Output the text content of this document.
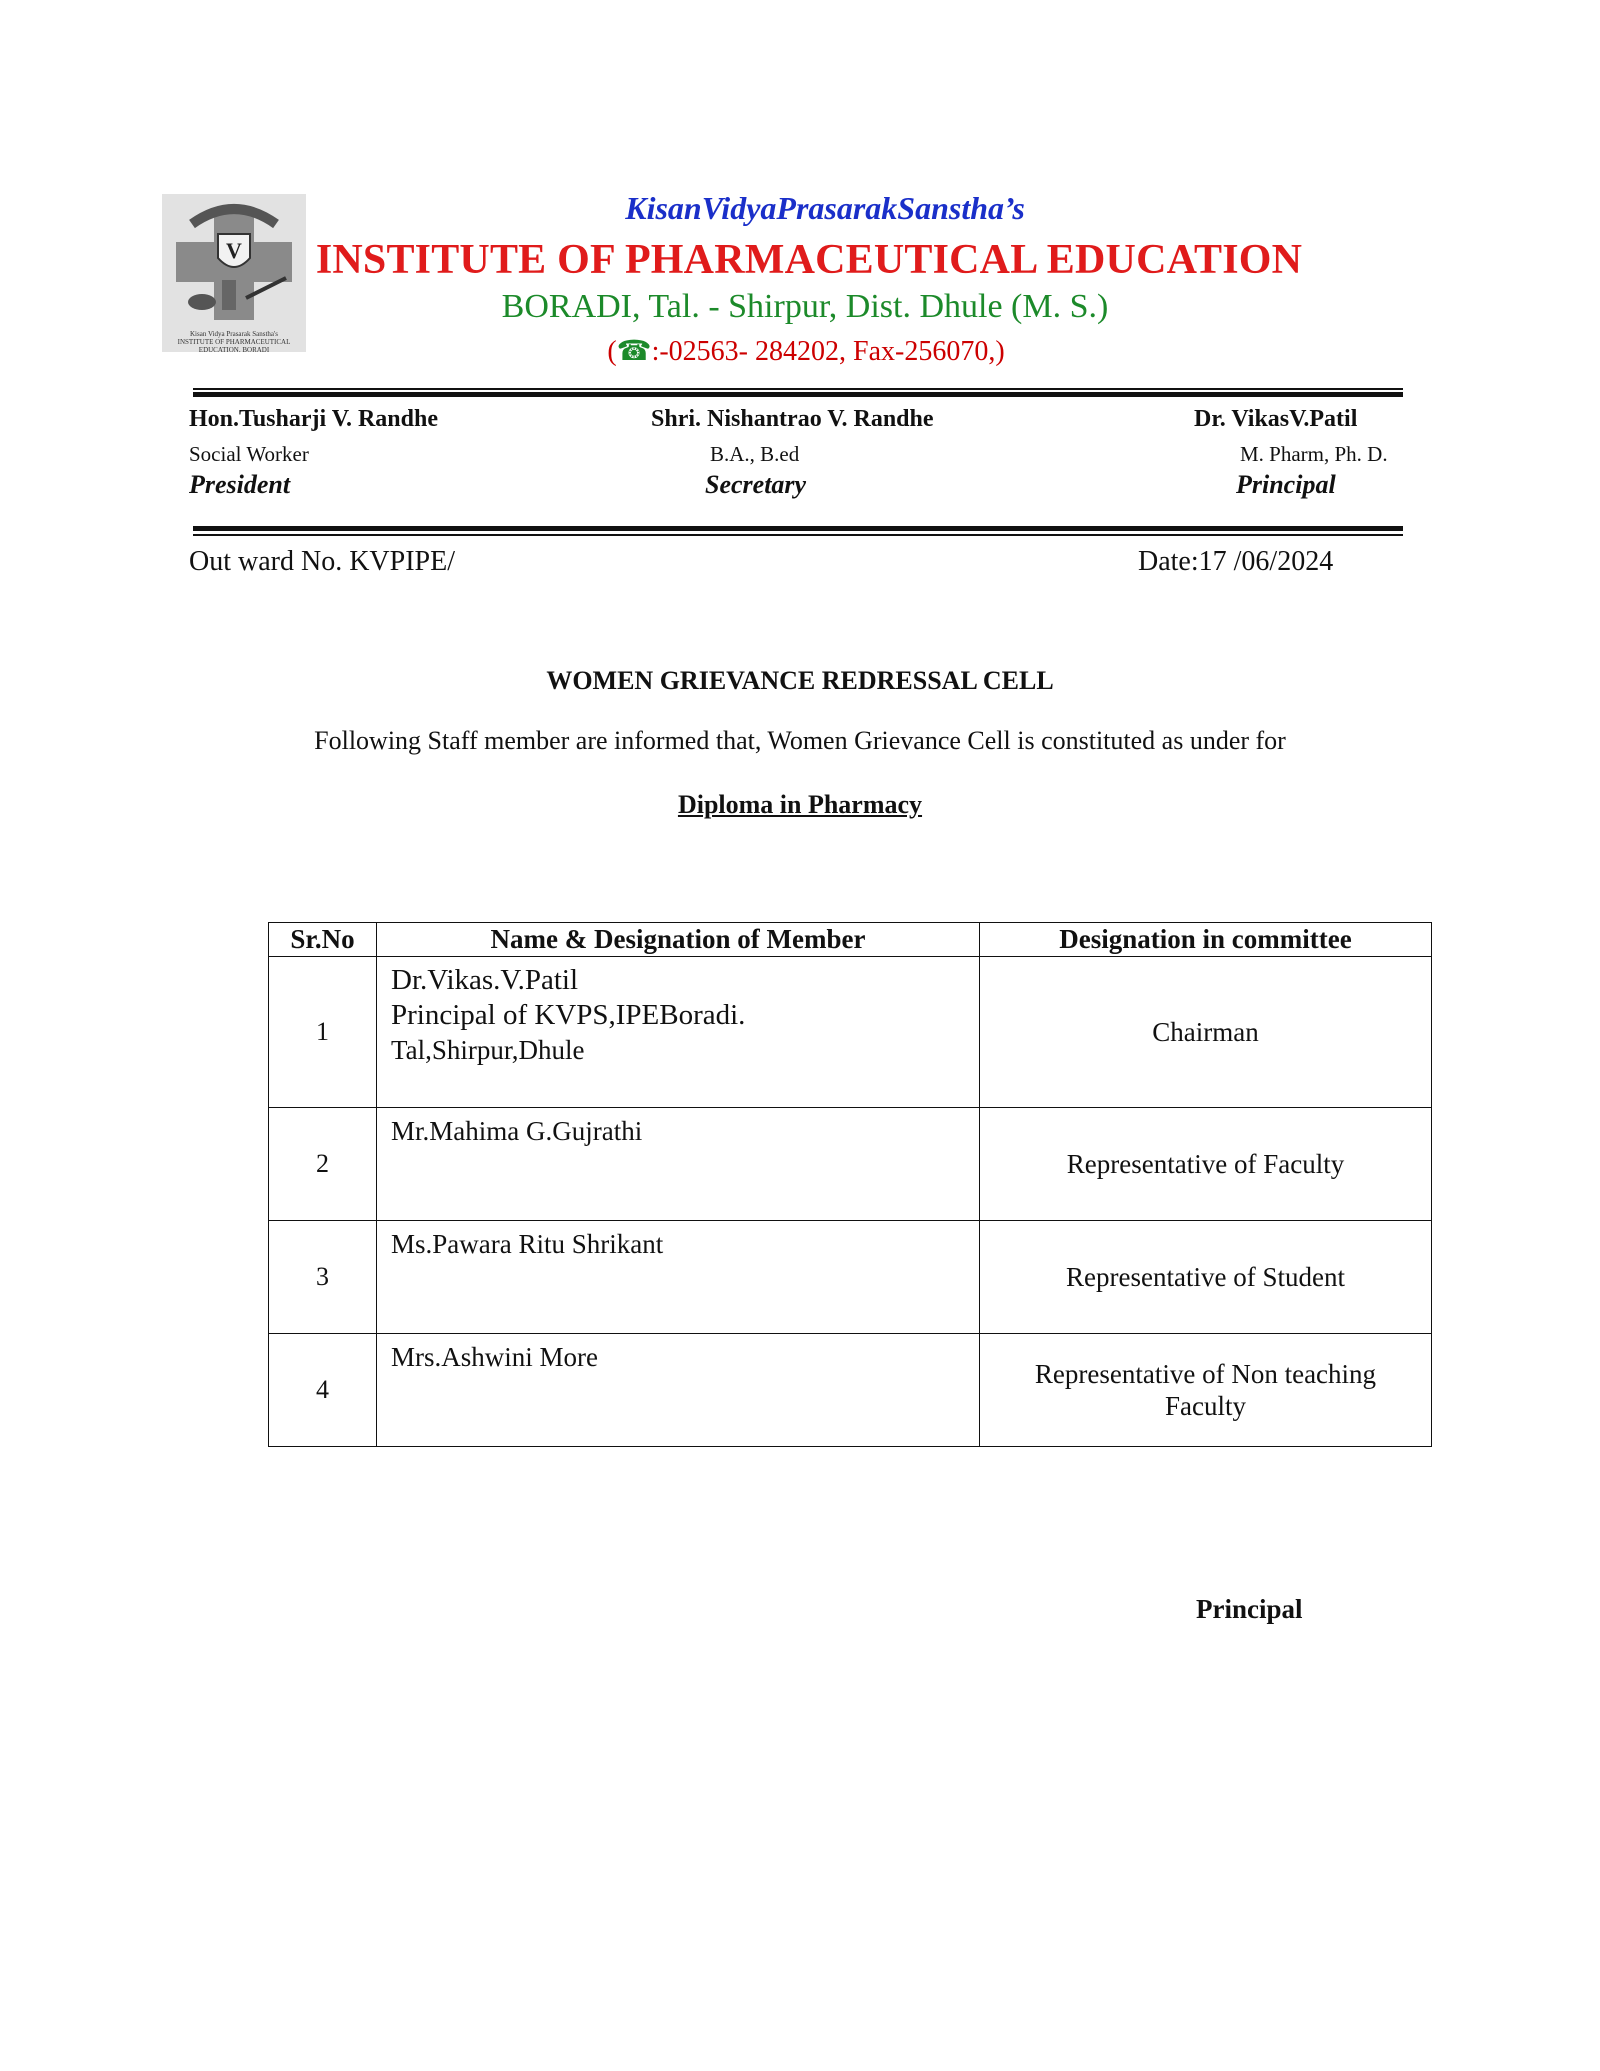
V
Kisan Vidya Prasarak Sanstha's
INSTITUTE OF PHARMACEUTICAL
EDUCATION, BORADI
KisanVidyaPrasarakSanstha’s
INSTITUTE OF PHARMACEUTICAL EDUCATION
BORADI, Tal. - Shirpur, Dist. Dhule (M. S.)
(☎:-02563- 284202, Fax-256070,)
Hon.Tusharji V. Randhe
Social Worker
President
Shri. Nishantrao V. Randhe
B.A., B.ed
Secretary
Dr. VikasV.Patil
M. Pharm, Ph. D.
Principal
Out ward No. KVPIPE/	Date:17 /06/2024
WOMEN GRIEVANCE REDRESSAL CELL
Following Staff member are informed that, Women Grievance Cell is constituted as under for
Diploma in Pharmacy
Sr.No	Name & Designation of Member	Designation in committee
1	Dr.Vikas.V.Patil
Principal of KVPS,IPEBoradi.
Tal,Shirpur,Dhule	Chairman
2	Mr.Mahima G.Gujrathi	Representative of Faculty
3	Ms.Pawara Ritu Shrikant	Representative of Student
4	Mrs.Ashwini More	Representative of Non teaching
Faculty
Principal
